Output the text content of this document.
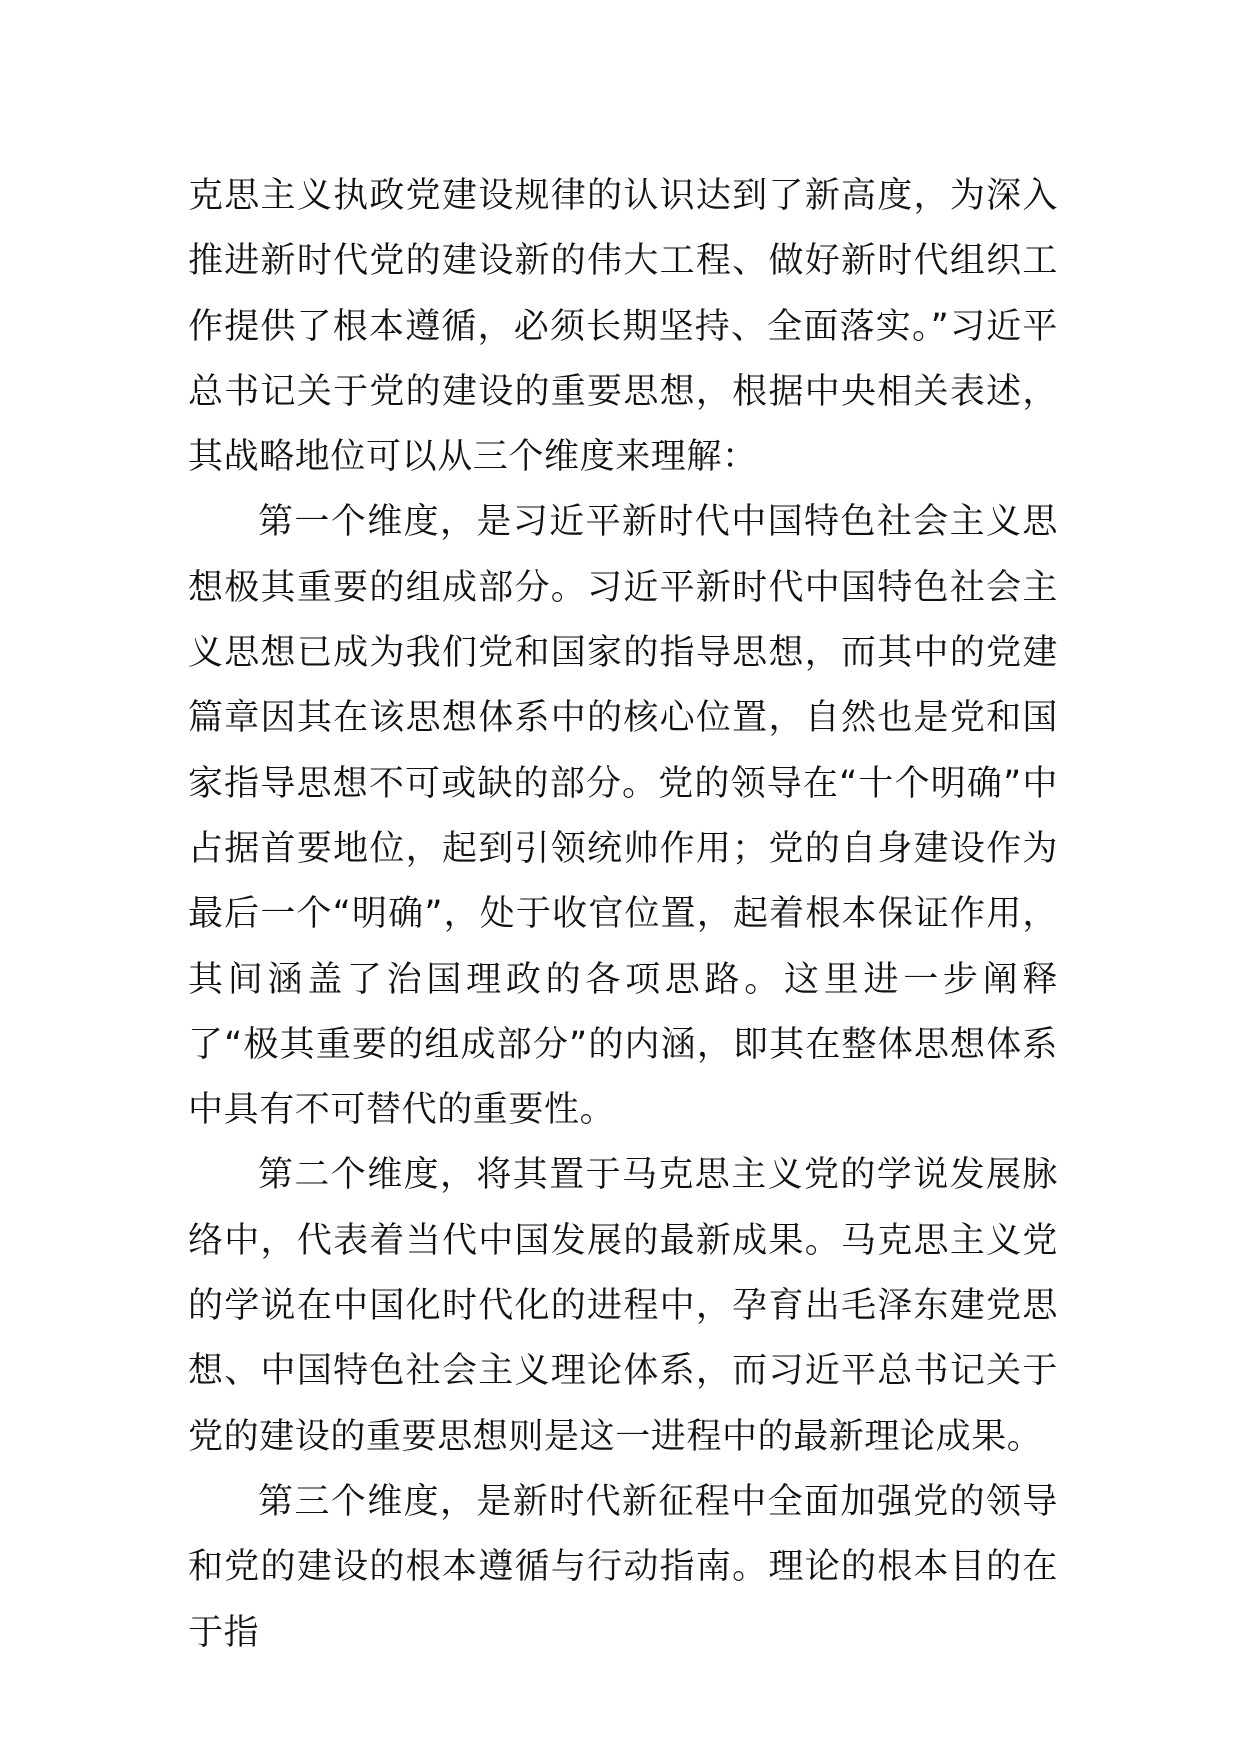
克思主义执政党建设规律的认识达到了新高度，为深入推进新时代党的建设新的伟大工程、做好新时代组织工作提供了根本遵循，必须长期坚持、全面落实。”习近平总书记关于党的建设的重要思想，根据中央相关表述，其战略地位可以从三个维度来理解：

第一个维度，是习近平新时代中国特色社会主义思想极其重要的组成部分。习近平新时代中国特色社会主义思想已成为我们党和国家的指导思想，而其中的党建篇章因其在该思想体系中的核心位置，自然也是党和国家指导思想不可或缺的部分。党的领导在“十个明确”中占据首要地位，起到引领统帅作用；党的自身建设作为最后一个“明确”，处于收官位置，起着根本保证作用，其间涵盖了治国理政的各项思路。这里进一步阐释了“极其重要的组成部分”的内涵，即其在整体思想体系中具有不可替代的重要性。

第二个维度，将其置于马克思主义党的学说发展脉络中，代表着当代中国发展的最新成果。马克思主义党的学说在中国化时代化的进程中，孕育出毛泽东建党思想、中国特色社会主义理论体系，而习近平总书记关于党的建设的重要思想则是这一进程中的最新理论成果。

第三个维度，是新时代新征程中全面加强党的领导和党的建设的根本遵循与行动指南。理论的根本目的在于指
